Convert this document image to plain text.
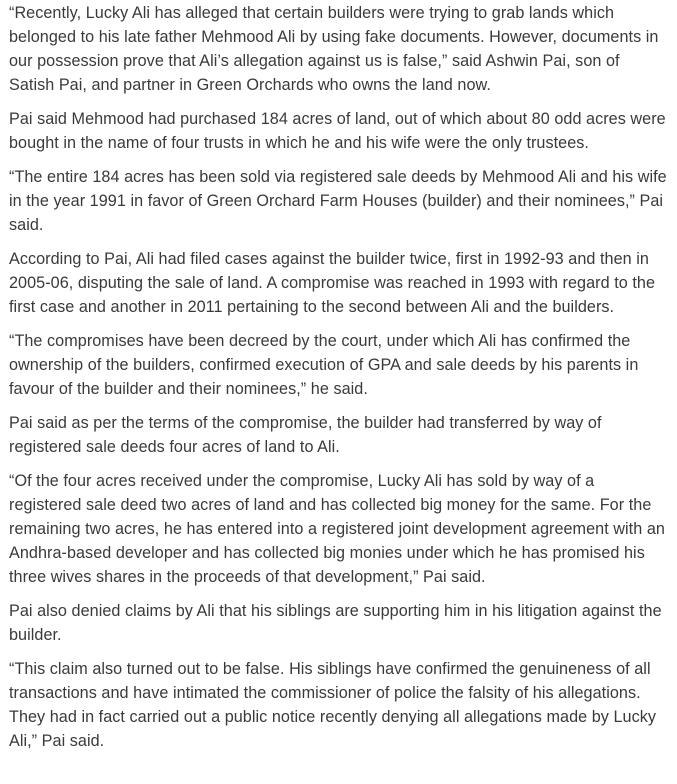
“Recently, Lucky Ali has alleged that certain builders were trying to grab lands which belonged to his late father Mehmood Ali by using fake documents. However, documents in our possession prove that Ali’s allegation against us is false,” said Ashwin Pai, son of Satish Pai, and partner in Green Orchards who owns the land now.

Pai said Mehmood had purchased 184 acres of land, out of which about 80 odd acres were bought in the name of four trusts in which he and his wife were the only trustees.

“The entire 184 acres has been sold via registered sale deeds by Mehmood Ali and his wife in the year 1991 in favor of Green Orchard Farm Houses (builder) and their nominees,” Pai said.

According to Pai, Ali had filed cases against the builder twice, first in 1992-93 and then in 2005-06, disputing the sale of land. A compromise was reached in 1993 with regard to the first case and another in 2011 pertaining to the second between Ali and the builders.

“The compromises have been decreed by the court, under which Ali has confirmed the ownership of the builders, confirmed execution of GPA and sale deeds by his parents in favour of the builder and their nominees,” he said.

Pai said as per the terms of the compromise, the builder had transferred by way of registered sale deeds four acres of land to Ali.

“Of the four acres received under the compromise, Lucky Ali has sold by way of a registered sale deed two acres of land and has collected big money for the same. For the remaining two acres, he has entered into a registered joint development agreement with an Andhra-based developer and has collected big monies under which he has promised his three wives shares in the proceeds of that development,” Pai said.

Pai also denied claims by Ali that his siblings are supporting him in his litigation against the builder.

“This claim also turned out to be false. His siblings have confirmed the genuineness of all transactions and have intimated the commissioner of police the falsity of his allegations. They had in fact carried out a public notice recently denying all allegations made by Lucky Ali,” Pai said.
